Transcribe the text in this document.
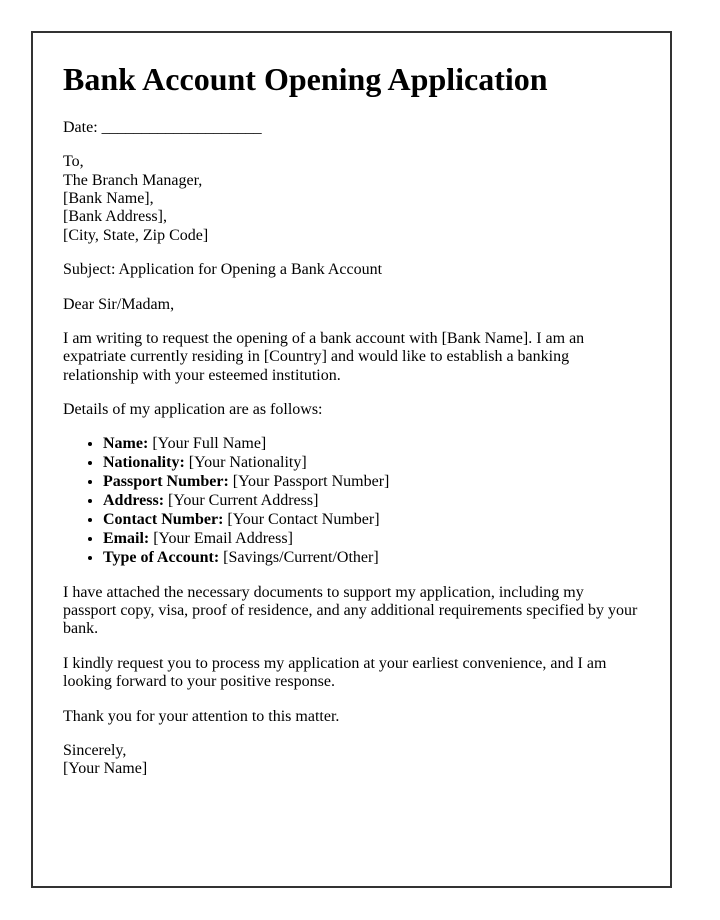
Bank Account Opening Application

Date: ____________________

To,
The Branch Manager,
[Bank Name],
[Bank Address],
[City, State, Zip Code]

Subject: Application for Opening a Bank Account

Dear Sir/Madam,

I am writing to request the opening of a bank account with [Bank Name]. I am an expatriate currently residing in [Country] and would like to establish a banking relationship with your esteemed institution.

Details of my application are as follows:

• Name: [Your Full Name]
• Nationality: [Your Nationality]
• Passport Number: [Your Passport Number]
• Address: [Your Current Address]
• Contact Number: [Your Contact Number]
• Email: [Your Email Address]
• Type of Account: [Savings/Current/Other]

I have attached the necessary documents to support my application, including my passport copy, visa, proof of residence, and any additional requirements specified by your bank.

I kindly request you to process my application at your earliest convenience, and I am looking forward to your positive response.

Thank you for your attention to this matter.

Sincerely,
[Your Name]
